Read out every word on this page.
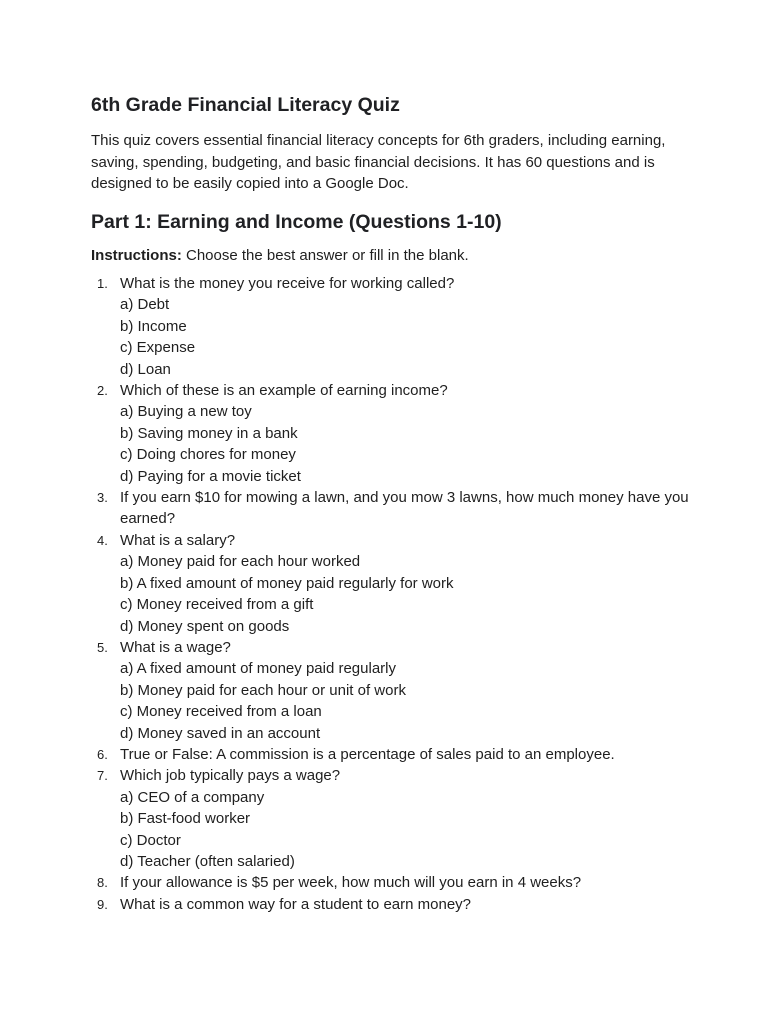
6th Grade Financial Literacy Quiz

This quiz covers essential financial literacy concepts for 6th graders, including earning, saving, spending, budgeting, and basic financial decisions. It has 60 questions and is designed to be easily copied into a Google Doc.

Part 1: Earning and Income (Questions 1-10)

Instructions: Choose the best answer or fill in the blank.

1. What is the money you receive for working called?
a) Debt
b) Income
c) Expense
d) Loan
2. Which of these is an example of earning income?
a) Buying a new toy
b) Saving money in a bank
c) Doing chores for money
d) Paying for a movie ticket
3. If you earn $10 for mowing a lawn, and you mow 3 lawns, how much money have you earned?
4. What is a salary?
a) Money paid for each hour worked
b) A fixed amount of money paid regularly for work
c) Money received from a gift
d) Money spent on goods
5. What is a wage?
a) A fixed amount of money paid regularly
b) Money paid for each hour or unit of work
c) Money received from a loan
d) Money saved in an account
6. True or False: A commission is a percentage of sales paid to an employee.
7. Which job typically pays a wage?
a) CEO of a company
b) Fast-food worker
c) Doctor
d) Teacher (often salaried)
8. If your allowance is $5 per week, how much will you earn in 4 weeks?
9. What is a common way for a student to earn money?
